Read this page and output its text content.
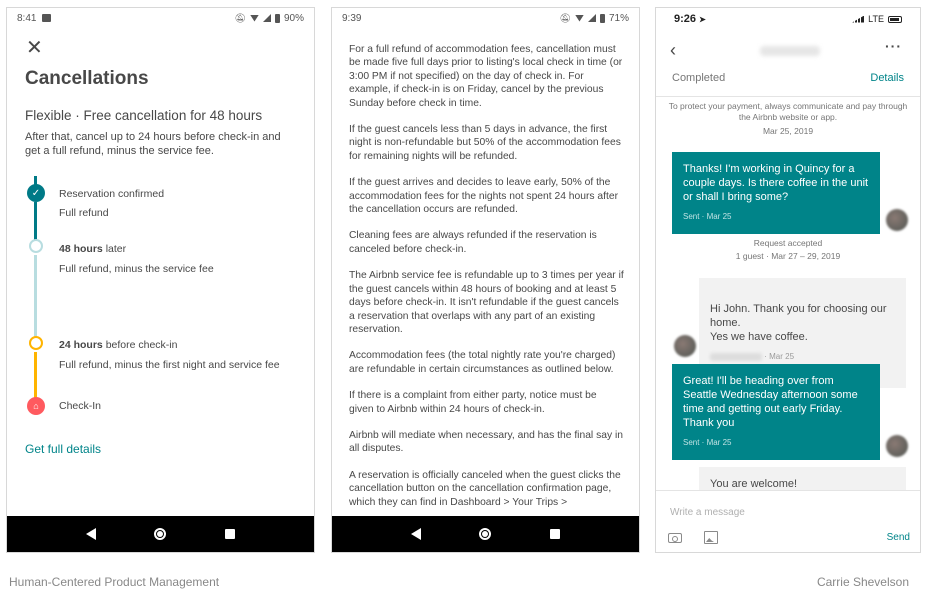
8:41	🔕︎	90%
✕
Cancellations
Flexible · Free cancellation for 48 hours
After that, cancel up to 24 hours before check-in and get a full refund, minus the service fee.
✓	Reservation confirmed
Full refund
48 hours later
Full refund, minus the service fee
24 hours before check-in
Full refund, minus the first night and service fee
⌂	Check-In
Get full details
9:39	🔕︎	71%

For a full refund of accommodation fees, cancellation must be made five full days prior to listing's local check in time (or 3:00 PM if not specified) on the day of check in. For example, if check-in is on Friday, cancel by the previous Sunday before check in time.

If the guest cancels less than 5 days in advance, the first night is non-refundable but 50% of the accommodation fees for remaining nights will be refunded.

If the guest arrives and decides to leave early, 50% of the accommodation fees for the nights not spent 24 hours after the cancellation occurs are refunded.

Cleaning fees are always refunded if the reservation is canceled before check-in.

The Airbnb service fee is refundable up to 3 times per year if the guest cancels within 48 hours of booking and at least 5 days before check-in. It isn't refundable if the guest cancels a reservation that overlaps with any part of an existing reservation.

Accommodation fees (the total nightly rate you're charged) are refundable in certain circumstances as outlined below.

If there is a complaint from either party, notice must be given to Airbnb within 24 hours of check-in.

Airbnb will mediate when necessary, and has the final say in all disputes.

A reservation is officially canceled when the guest clicks the cancellation button on the cancellation confirmation page, which they can find in Dashboard > Your Trips >

9:26 ➤	LTE
‹	···
Completed	Details
To protect your payment, always communicate and pay through the Airbnb website or app.
Mar 25, 2019
Thanks! I'm working in Quincy for a couple days. Is there coffee in the unit or shall I bring some?
Sent · Mar 25
Request accepted
1 guest · Mar 27 – 29, 2019

Hi John. Thank you for choosing our home.
Yes we have coffee.

· Mar 25

Great! I'll be heading over from Seattle Wednesday afternoon some time and getting out early Friday. Thank you
Sent · Mar 25
You are welcome!
Write a message
Send
Human-Centered Product Management	Carrie Shevelson
